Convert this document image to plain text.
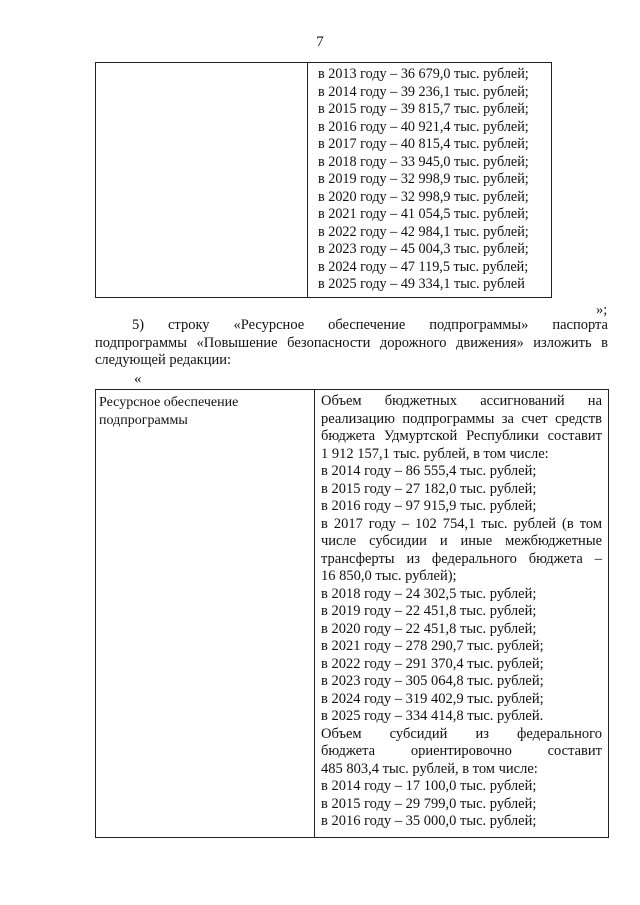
7

в 2013 году – 36 679,0 тыс. рублей;
в 2014 году – 39 236,1 тыс. рублей;
в 2015 году – 39 815,7 тыс. рублей;
в 2016 году – 40 921,4 тыс. рублей;
в 2017 году – 40 815,4 тыс. рублей;
в 2018 году – 33 945,0 тыс. рублей;
в 2019 году – 32 998,9 тыс. рублей;
в 2020 году – 32 998,9 тыс. рублей;
в 2021 году – 41 054,5 тыс. рублей;
в 2022 году – 42 984,1 тыс. рублей;
в 2023 году – 45 004,3 тыс. рублей;
в 2024 году – 47 119,5 тыс. рублей;
в 2025 году – 49 334,1 тыс. рублей
»;
5) строку «Ресурсное обеспечение подпрограммы» паспорта
подпрограммы «Повышение безопасности дорожного движения» изложить в
следующей редакции:
«
Ресурсное обеспечение
подпрограммы

Объем бюджетных ассигнований на
реализацию подпрограммы за счет средств
бюджета Удмуртской Республики составит
1 912 157,1 тыс. рублей, в том числе:
в 2014 году – 86 555,4 тыс. рублей;
в 2015 году – 27 182,0 тыс. рублей;
в 2016 году – 97 915,9 тыс. рублей;
в 2017 году – 102 754,1 тыс. рублей (в том
числе субсидии и иные межбюджетные
трансферты из федерального бюджета –
16 850,0 тыс. рублей);
в 2018 году – 24 302,5 тыс. рублей;
в 2019 году – 22 451,8 тыс. рублей;
в 2020 году – 22 451,8 тыс. рублей;
в 2021 году – 278 290,7 тыс. рублей;
в 2022 году – 291 370,4 тыс. рублей;
в 2023 году – 305 064,8 тыс. рублей;
в 2024 году – 319 402,9 тыс. рублей;
в 2025 году – 334 414,8 тыс. рублей.
Объем субсидий из федерального
бюджета ориентировочно составит
485 803,4 тыс. рублей, в том числе:
в 2014 году – 17 100,0 тыс. рублей;
в 2015 году – 29 799,0 тыс. рублей;
в 2016 году – 35 000,0 тыс. рублей;
